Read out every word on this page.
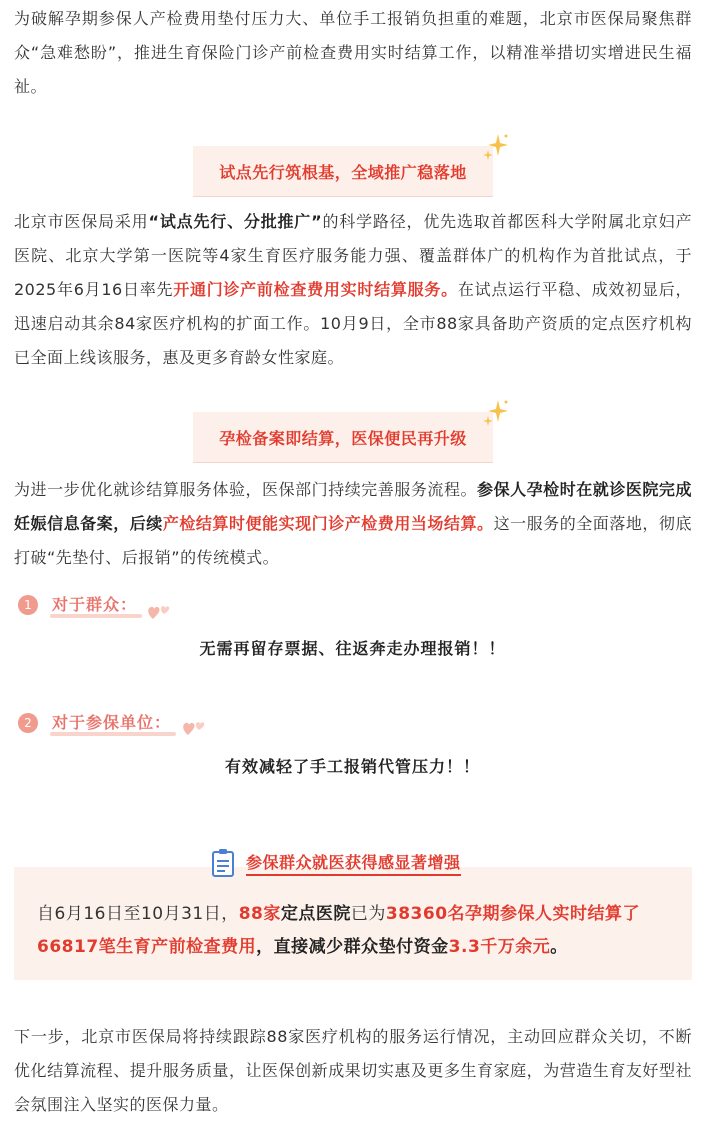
为破解孕期参保人产检费用垫付压力大、单位手工报销负担重的难题，北京市医保局聚焦群众“急难愁盼”，推进生育保险门诊产前检查费用实时结算工作，以精准举措切实增进民生福祉。

试点先行筑根基，全域推广稳落地

北京市医保局采用“试点先行、分批推广”的科学路径，优先选取首都医科大学附属北京妇产医院、北京大学第一医院等4家生育医疗服务能力强、覆盖群体广的机构作为首批试点，于2025年6月16日率先开通门诊产前检查费用实时结算服务。在试点运行平稳、成效初显后，迅速启动其余84家医疗机构的扩面工作。10月9日，全市88家具备助产资质的定点医疗机构已全面上线该服务，惠及更多育龄女性家庭。

孕检备案即结算，医保便民再升级

为进一步优化就诊结算服务体验，医保部门持续完善服务流程。参保人孕检时在就诊医院完成妊娠信息备案，后续产检结算时便能实现门诊产检费用当场结算。这一服务的全面落地，彻底打破“先垫付、后报销”的传统模式。

1	对于群众：
无需再留存票据、往返奔走办理报销！！
2	对于参保单位：
有效减轻了手工报销代管压力！！

自6月16日至10月31日，88家定点医院已为38360名孕期参保人实时结算了66817笔生育产前检查费用，直接减少群众垫付资金3.3千万余元。

参保群众就医获得感显著增强

下一步，北京市医保局将持续跟踪88家医疗机构的服务运行情况，主动回应群众关切，不断优化结算流程、提升服务质量，让医保创新成果切实惠及更多生育家庭，为营造生育友好型社会氛围注入坚实的医保力量。
